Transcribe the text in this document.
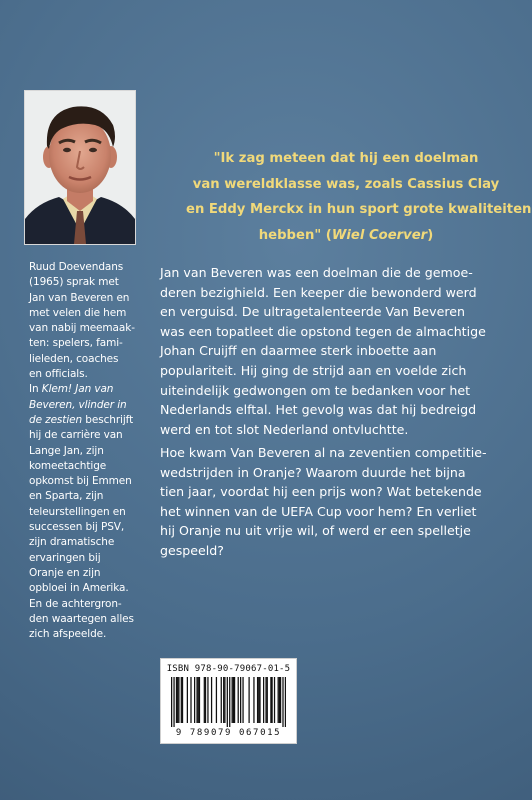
Ruud Doevendans
(1965) sprak met
Jan van Beveren en
met velen die hem
van nabij meemaak-
ten: spelers, fami-
lieleden, coaches
en officials.
In Klem! Jan van
Beveren, vlinder in
de zestien beschrijft
hij de carrière van
Lange Jan, zijn
komeetachtige
opkomst bij Emmen
en Sparta, zijn
teleurstellingen en
successen bij PSV,
zijn dramatische
ervaringen bij
Oranje en zijn
opbloei in Amerika.
En de achtergron-
den waartegen alles
zich afspeelde.

"Ik zag meteen dat hij een doelman
van wereldklasse was, zoals Cassius Clay
en Eddy Merckx in hun sport grote kwaliteiten
hebben" (Wiel Coerver)

Jan van Beveren was een doelman die de gemoe-
deren bezighield. Een keeper die bewonderd werd
en verguisd. De ultragetalenteerde Van Beveren
was een topatleet die opstond tegen de almachtige
Johan Cruijff en daarmee sterk inboette aan
populariteit. Hij ging de strijd aan en voelde zich
uiteindelijk gedwongen om te bedanken voor het
Nederlands elftal. Het gevolg was dat hij bedreigd
werd en tot slot Nederland ontvluchtte.

Hoe kwam Van Beveren al na zeventien competitie-
wedstrijden in Oranje? Waarom duurde het bijna
tien jaar, voordat hij een prijs won? Wat betekende
het winnen van de UEFA Cup voor hem? En verliet
hij Oranje nu uit vrije wil, of werd er een spelletje
gespeeld?

ISBN 978-90-79067-01-5
9 789079 067015
